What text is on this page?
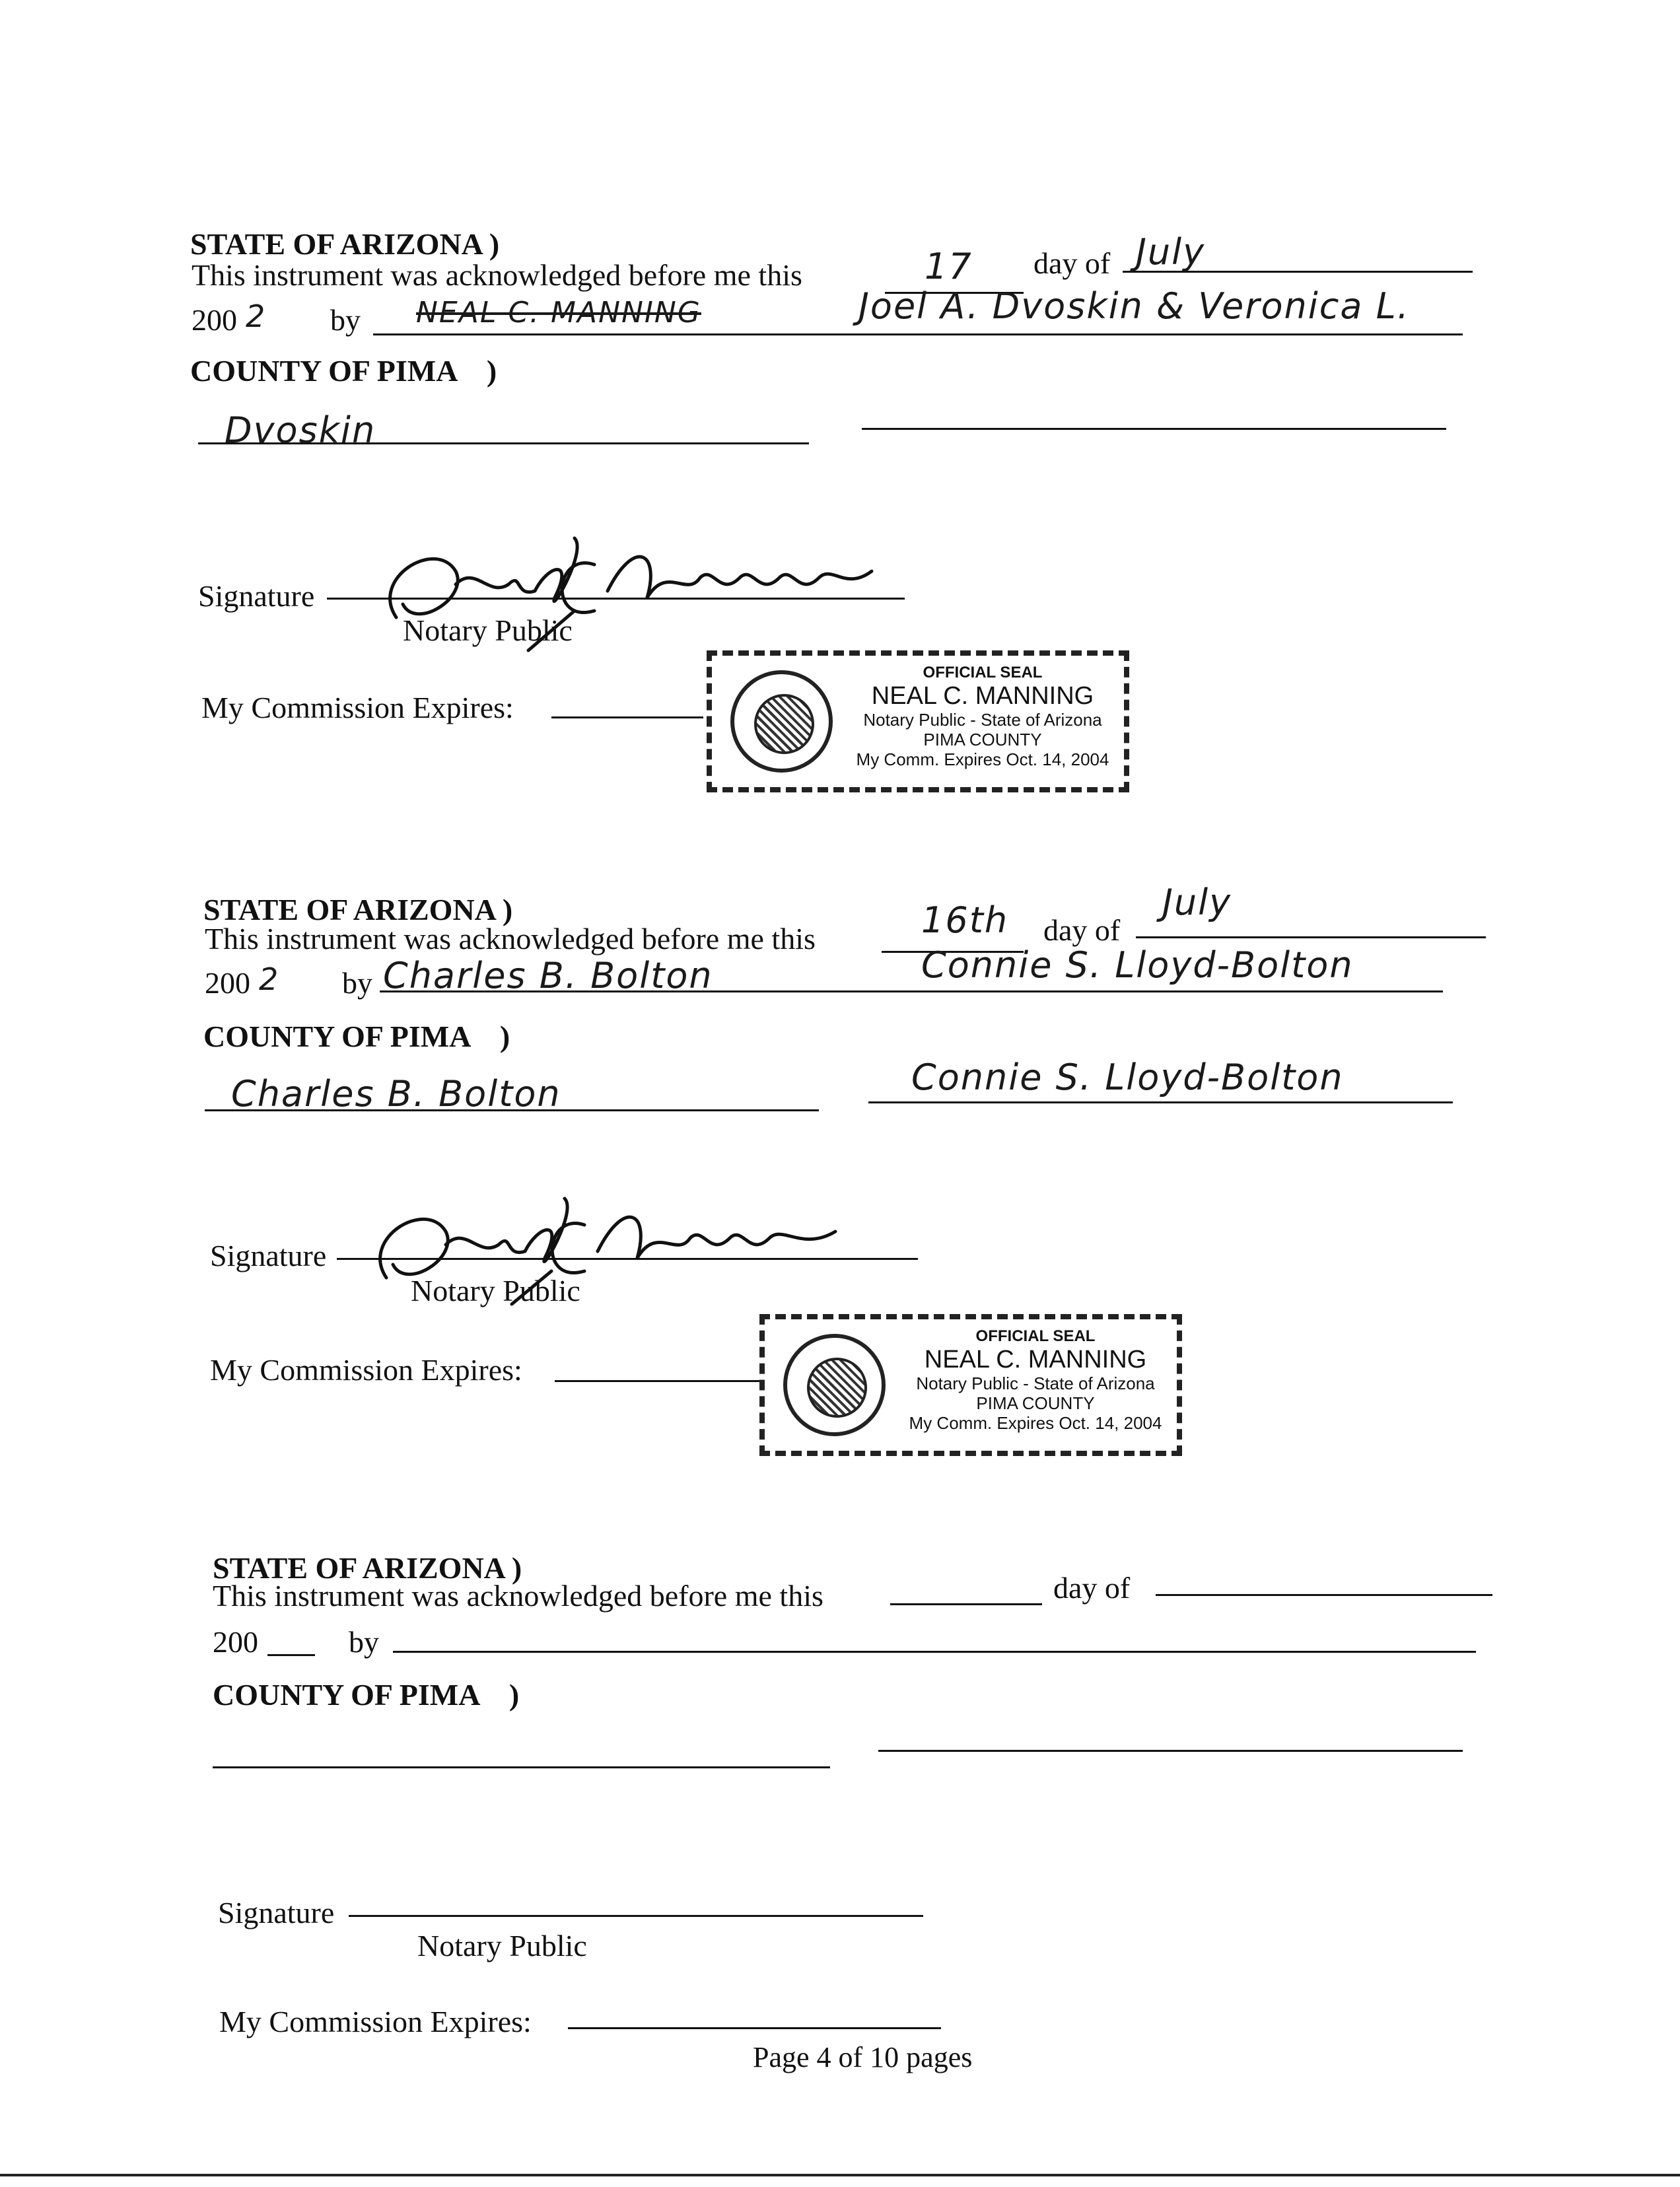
STATE OF ARIZONA )

COUNTY OF PIMA    )

This instrument was acknowledged before me this	17 day of July
200 2 by NEAL C. MANNING	Joel A. Dvoskin & Veronica L.
Dvoskin
Signature
Notary Public
My Commission Expires:
OFFICIAL SEAL
NEAL C. MANNING
Notary Public - State of Arizona
PIMA COUNTY
My Comm. Expires Oct. 14, 2004

STATE OF ARIZONA )

COUNTY OF PIMA    )

This instrument was acknowledged before me this	16th day of
July
200 2 by Charles B. Bolton	Connie S. Lloyd-Bolton
Charles B. Bolton	Connie S. Lloyd-Bolton
Signature
Notary Public
My Commission Expires:
OFFICIAL SEAL
NEAL C. MANNING
Notary Public - State of Arizona
PIMA COUNTY
My Comm. Expires Oct. 14, 2004

STATE OF ARIZONA )

COUNTY OF PIMA    )

This instrument was acknowledged before me this	day of
200	by
Signature
Notary Public
My Commission Expires:
Page 4 of 10 pages
